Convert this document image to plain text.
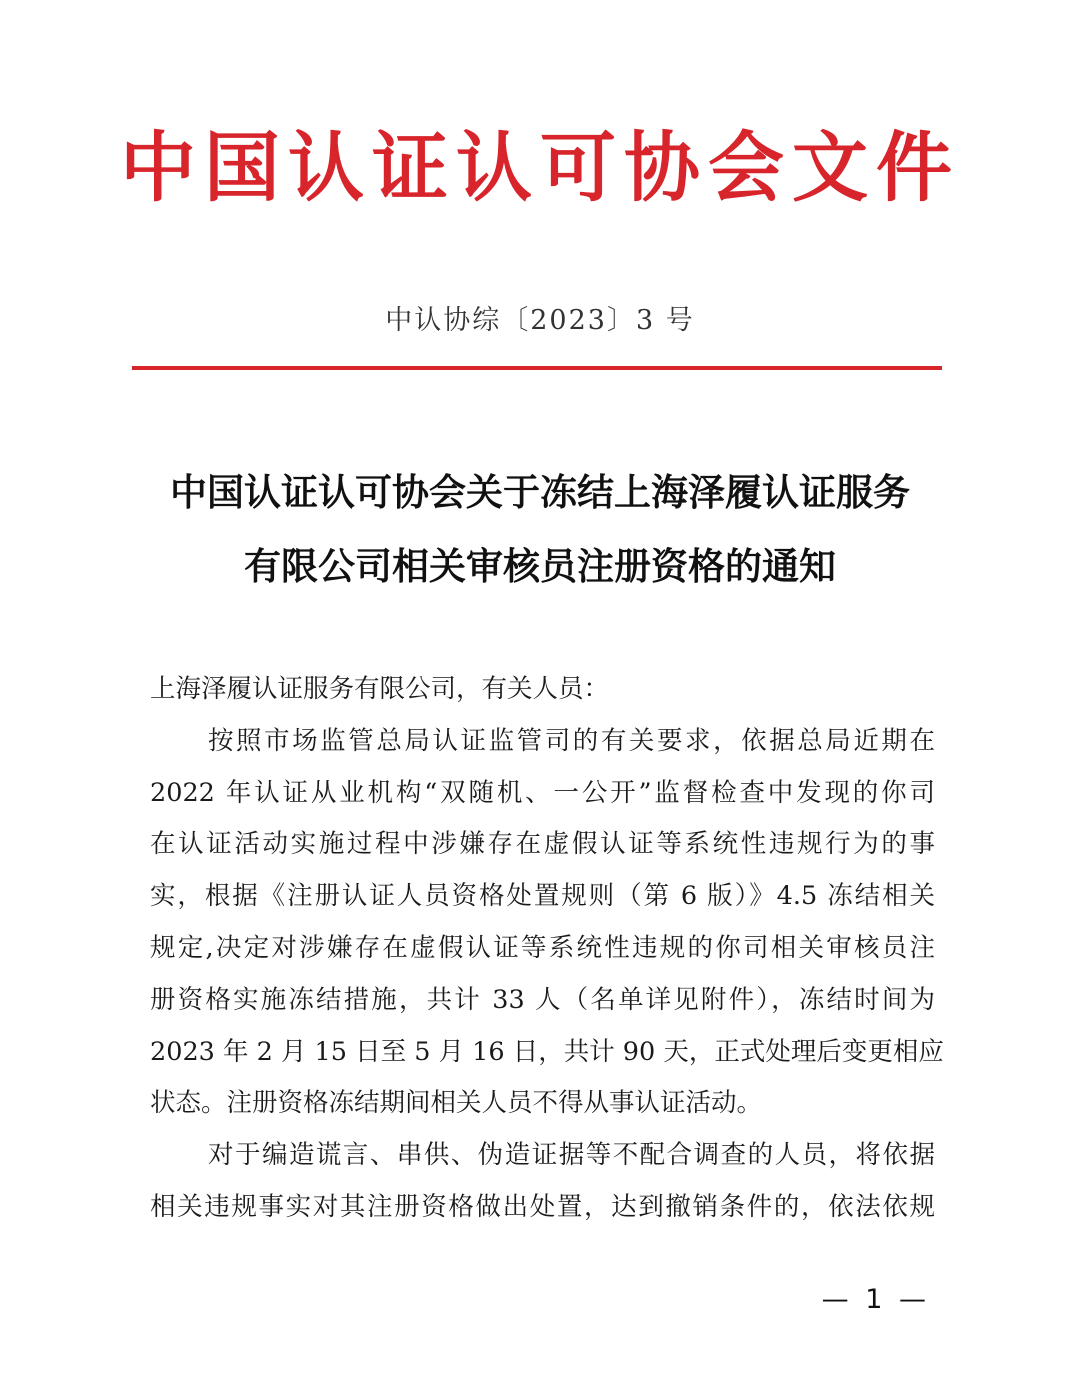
中国认证认可协会文件
中认协综〔2023〕3 号
中国认证认可协会关于冻结上海泽履认证服务
有限公司相关审核员注册资格的通知
上海泽履认证服务有限公司，有关人员：
按照市场监管总局认证监管司的有关要求，依据总局近期在
2022 年认证从业机构“双随机、一公开”监督检查中发现的你司
在认证活动实施过程中涉嫌存在虚假认证等系统性违规行为的事
实，根据《注册认证人员资格处置规则（第 6 版）》4.5 冻结相关
规定,决定对涉嫌存在虚假认证等系统性违规的你司相关审核员注
册资格实施冻结措施，共计 33 人（名单详见附件），冻结时间为
2023 年 2 月 15 日至 5 月 16 日，共计 90 天，正式处理后变更相应
状态。注册资格冻结期间相关人员不得从事认证活动。
对于编造谎言、串供、伪造证据等不配合调查的人员，将依据
相关违规事实对其注册资格做出处置，达到撤销条件的，依法依规
— 1 —
